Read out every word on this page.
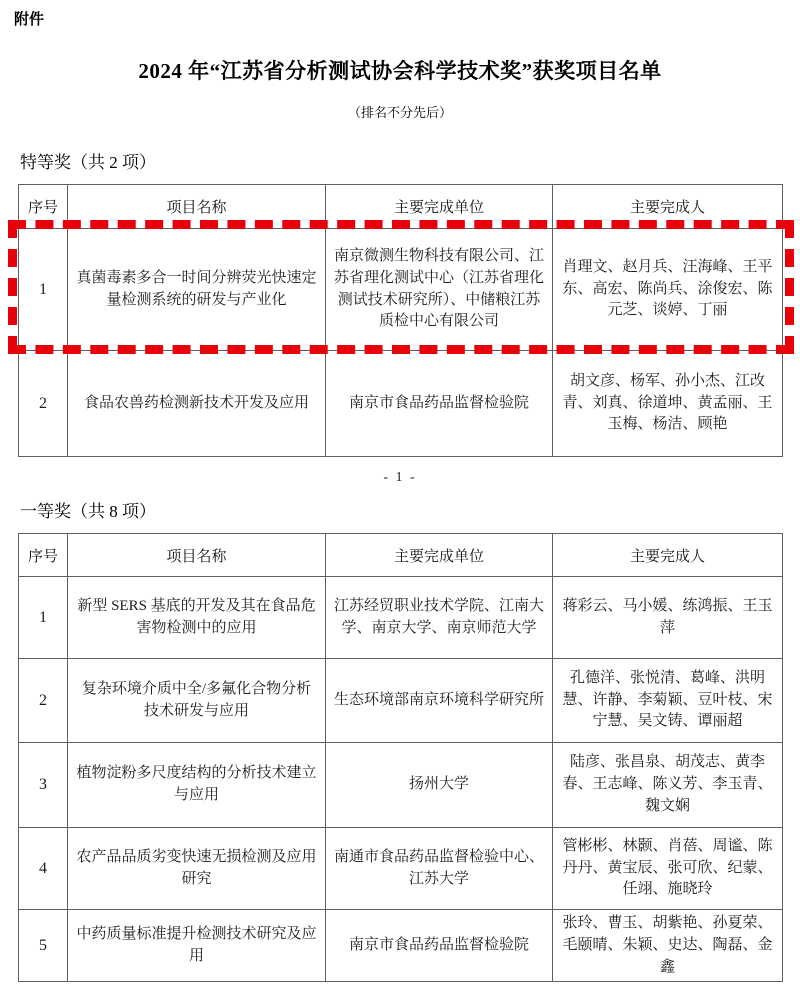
附件
2024 年“江苏省分析测试协会科学技术奖”获奖项目名单
（排名不分先后）
特等奖（共 2 项）
序号	项目名称	主要完成单位	主要完成人
1	真菌毒素多合一时间分辨荧光快速定量检测系统的研发与产业化	南京微测生物科技有限公司、江苏省理化测试中心（江苏省理化测试技术研究所）、中储粮江苏质检中心有限公司	肖理文、赵月兵、汪海峰、王平东、高宏、陈尚兵、涂俊宏、陈元芝、谈婷、丁丽
2	食品农兽药检测新技术开发及应用	南京市食品药品监督检验院	胡文彦、杨军、孙小杰、江改青、刘真、徐道坤、黄孟丽、王玉梅、杨洁、顾艳
- 1 -
一等奖（共 8 项）
序号	项目名称	主要完成单位	主要完成人
1	新型 SERS 基底的开发及其在食品危害物检测中的应用	江苏经贸职业技术学院、江南大学、南京大学、南京师范大学	蒋彩云、马小媛、练鸿振、王玉萍
2	复杂环境介质中全/多氟化合物分析技术研发与应用	生态环境部南京环境科学研究所	孔德洋、张悦清、葛峰、洪明慧、许静、李菊颖、豆叶枝、宋宁慧、吴文铸、谭丽超
3	植物淀粉多尺度结构的分析技术建立与应用	扬州大学	陆彦、张昌泉、胡茂志、黄李春、王志峰、陈义芳、李玉青、魏文娴
4	农产品品质劣变快速无损检测及应用研究	南通市食品药品监督检验中心、江苏大学	管彬彬、林颢、肖蓓、周谧、陈丹丹、黄宝辰、张可欣、纪蒙、任翊、施晓玲
5	中药质量标准提升检测技术研究及应用	南京市食品药品监督检验院	张玲、曹玉、胡紫艳、孙夏荣、毛颐晴、朱颖、史达、陶磊、金鑫
